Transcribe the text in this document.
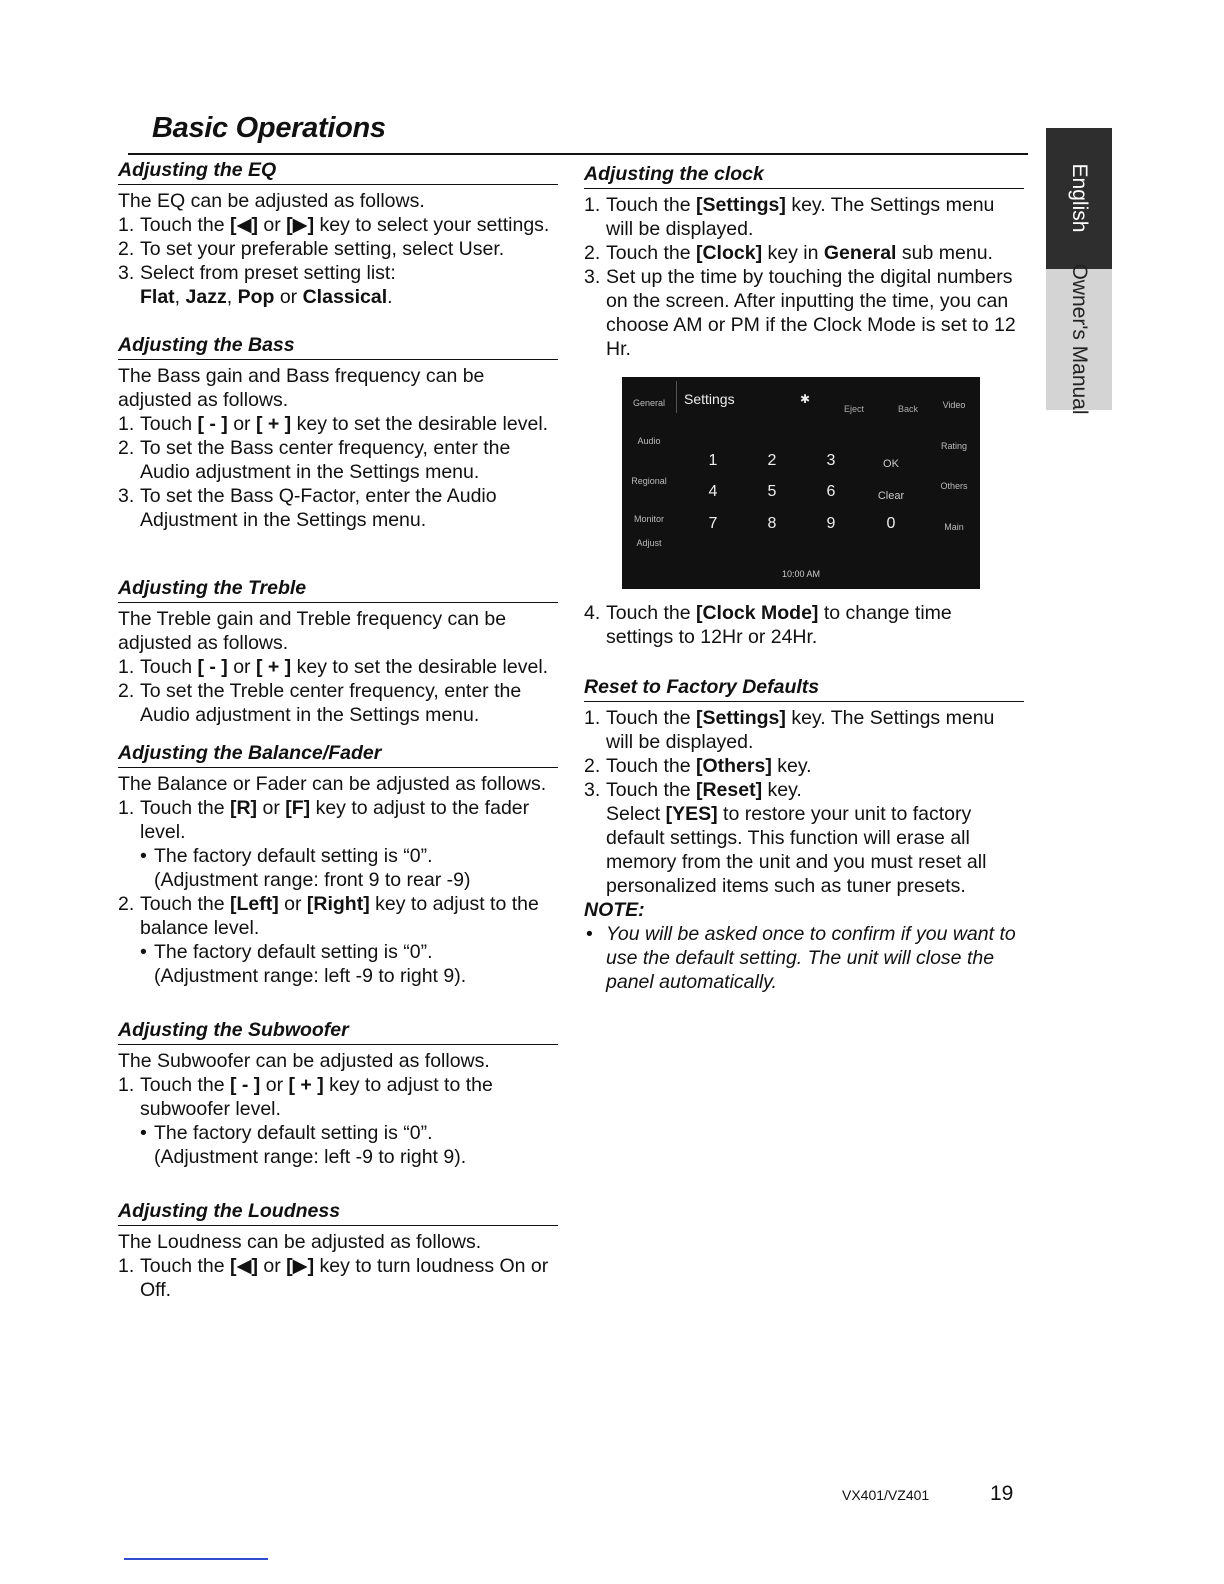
Basic Operations
Adjusting the EQ

The EQ can be adjusted as follows.

1. Touch the [◀] or [▶] key to select your settings.
2. To set your preferable setting, select User.
3. Select from preset setting list:
Flat, Jazz, Pop or Classical.
Adjusting the Bass

The Bass gain and Bass frequency can be adjusted as follows.

1. Touch [ - ] or [ + ] key to set the desirable level.
2. To set the Bass center frequency, enter the Audio adjustment in the Settings menu.
3. To set the Bass Q-Factor, enter the Audio Adjustment in the Settings menu.
Adjusting the Treble

The Treble gain and Treble frequency can be adjusted as follows.

1. Touch [ - ] or [ + ] key to set the desirable level.
2. To set the Treble center frequency, enter the Audio adjustment in the Settings menu.
Adjusting the Balance/Fader

The Balance or Fader can be adjusted as follows.

1. Touch the [R] or [F] key to adjust to the fader level.
• The factory default setting is “0”.
(Adjustment range: front 9 to rear -9)
2. Touch the [Left] or [Right] key to adjust to the balance level.
• The factory default setting is “0”.
(Adjustment range: left -9 to right 9).
Adjusting the Subwoofer

The Subwoofer can be adjusted as follows.

1. Touch the [ - ] or [ + ] key to adjust to the subwoofer level.
• The factory default setting is “0”.
(Adjustment range: left -9 to right 9).
Adjusting the Loudness

The Loudness can be adjusted as follows.

1. Touch the [◀] or [▶] key to turn loudness On or Off.
Adjusting the clock
1. Touch the [Settings] key. The Settings menu will be displayed.
2. Touch the [Clock] key in General sub menu.
3. Set up the time by touching the digital numbers on the screen. After inputting the time, you can choose AM or PM if the Clock Mode is set to 12 Hr.
General
Audio
Regional
Monitor Adjust
Settings	✱
Eject	Back	Video
Rating
Others
Main
1	2	3	OK
4	5	6	Clear
7	8	9	0
10:00 AM
4. Touch the [Clock Mode] to change time settings to 12Hr or 24Hr.
Reset to Factory Defaults
1. Touch the [Settings] key. The Settings menu will be displayed.
2. Touch the [Others] key.
3. Touch the [Reset] key.
Select [YES] to restore your unit to factory default settings. This function will erase all memory from the unit and you must reset all personalized items such as tuner presets.
NOTE:
• You will be asked once to confirm if you want to use the default setting. The unit will close the panel automatically.
English
Owner's Manual
VX401/VZ401	19
